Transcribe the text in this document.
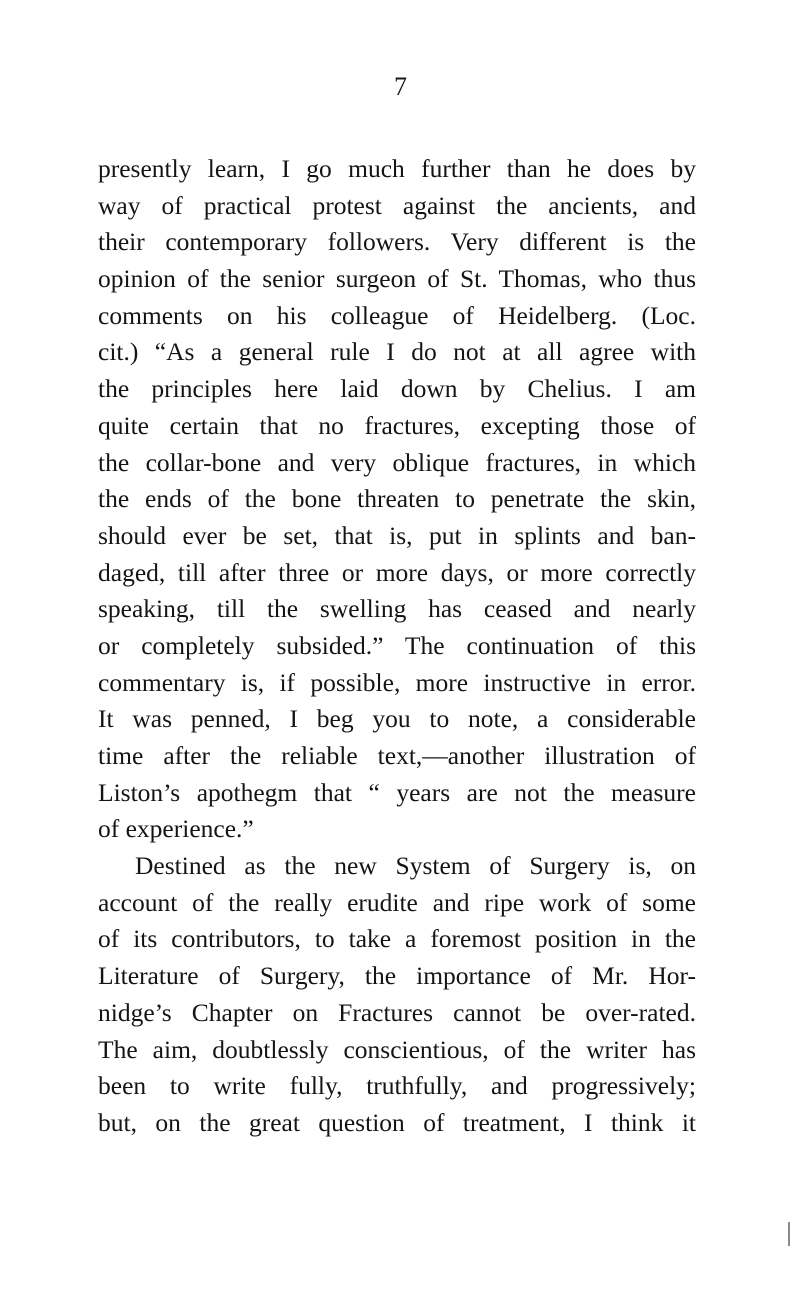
7
presently learn, I go much further than he does by
way of practical protest against the ancients, and
their contemporary followers. Very different is the
opinion of the senior surgeon of St. Thomas, who thus
comments on his colleague of Heidelberg. (Loc.
cit.) “As a general rule I do not at all agree with
the principles here laid down by Chelius. I am
quite certain that no fractures, excepting those of
the collar-bone and very oblique fractures, in which
the ends of the bone threaten to penetrate the skin,
should ever be set, that is, put in splints and ban-
daged, till after three or more days, or more correctly
speaking, till the swelling has ceased and nearly
or completely subsided.” The continuation of this
commentary is, if possible, more instructive in error.
It was penned, I beg you to note, a considerable
time after the reliable text,—another illustration of
Liston’s apothegm that “ years are not the measure
of experience.”
Destined as the new System of Surgery is, on
account of the really erudite and ripe work of some
of its contributors, to take a foremost position in the
Literature of Surgery, the importance of Mr. Hor-
nidge’s Chapter on Fractures cannot be over-rated.
The aim, doubtlessly conscientious, of the writer has
been to write fully, truthfully, and progressively;
but, on the great question of treatment, I think it
